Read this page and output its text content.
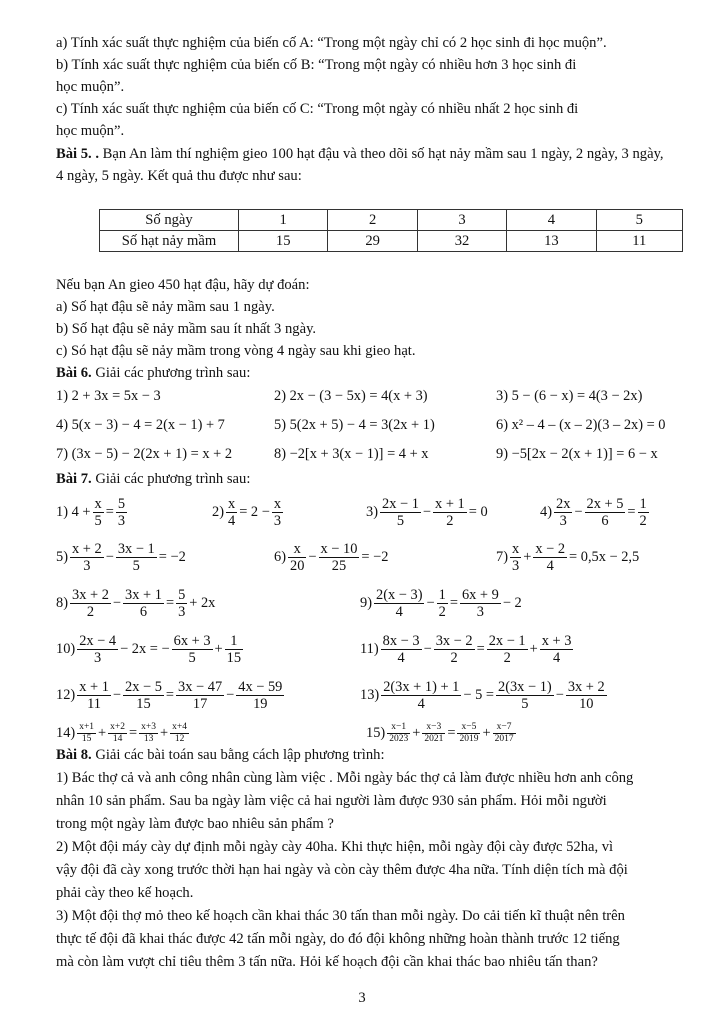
a) Tính xác suất thực nghiệm của biến cố A: “Trong một ngày chỉ có 2 học sinh đi học muộn”.
b) Tính xác suất thực nghiệm của biến cố B: “Trong một ngày có nhiều hơn 3 học sinh đi
học muộn”.
c) Tính xác suất thực nghiệm của biến cố C: “Trong một ngày có nhiều nhất 2 học sinh đi
học muộn”.
Bài 5. . Bạn An làm thí nghiệm gieo 100 hạt đậu và theo dõi số hạt nảy mầm sau 1 ngày, 2 ngày, 3 ngày,
4 ngày, 5 ngày. Kết quả thu được như sau:
Số ngày	1	2	3	4	5
Số hạt nảy mầm	15	29	32	13	11
Nếu bạn An gieo 450 hạt đậu, hãy dự đoán:
a) Số hạt đậu sẽ nảy mầm sau 1 ngày.
b) Số hạt đậu sẽ nảy mầm sau ít nhất 3 ngày.
c) Só hạt đậu sẽ nảy mầm trong vòng 4 ngày sau khi gieo hạt.
Bài 6. Giải các phương trình sau:
1) 2 + 3x = 5x − 3	2) 2x − (3 − 5x) = 4(x + 3)	3) 5 − (6 − x) = 4(3 − 2x)
4) 5(x − 3) − 4 = 2(x − 1) + 7	5) 5(2x + 5) − 4 = 3(2x + 1)	6) x² – 4 – (x – 2)(3 – 2x) = 0
7) (3x − 5) − 2(2x + 1) = x + 2	8) −2[x + 3(x − 1)] = 4 + x	9) −5[2x − 2(x + 1)] = 6 − x
Bài 7. Giải các phương trình sau:
1) $4 + \frac{x}{5} = \frac{5}{3}$	$2) \frac{x}{4} = 2 - \frac{x}{3}$	$3) \frac{2x - 1}{5} - \frac{x + 1}{2} = 0$	$4) \frac{2x}{3} - \frac{2x + 5}{6} = \frac{1}{2}$
$5) \frac{x + 2}{3} - \frac{3x - 1}{5} = -2$	$6) \frac{x}{20} - \frac{x - 10}{25} = -2$	$7) \frac{x}{3} + \frac{x - 2}{4} = 0,5x - 2,5$
$8) \frac{3x + 2}{2} - \frac{3x + 1}{6} = \frac{5}{3} + 2x$	$9) \frac{2(x - 3)}{4} - \frac{1}{2} = \frac{6x + 9}{3} - 2$
$10) \frac{2x - 4}{3} - 2x$ = − $\frac{6x + 3}{5} + \frac{1}{15}$	$11) \frac{8x - 3}{4} - \frac{3x - 2}{2} = \frac{2x - 1}{2} + \frac{x + 3}{4}$
$12) \frac{x + 1}{11} - \frac{2x - 5}{15} = \frac{3x - 47}{17} - \frac{4x - 59}{19}$	$13) \frac{2(3x + 1) + 1}{4} - 5 = \frac{2(3x - 1)}{5} - \frac{3x + 2}{10}$
$14) \frac{x+1}{15} + \frac{x+2}{14} = \frac{x+3}{13} + \frac{x+4}{12}$	$15) \frac{x-1}{2023} + \frac{x-3}{2021} = \frac{x-5}{2019} + \frac{x-7}{2017}$
Bài 8. Giải các bài toán sau bằng cách lập phương trình:
1) Bác thợ cả và anh công nhân cùng làm việc . Mỗi ngày bác thợ cả làm được nhiều hơn anh công
nhân 10 sản phẩm. Sau ba ngày làm việc cả hai người làm được 930 sản phẩm. Hỏi mỗi người
trong một ngày làm được bao nhiêu sản phẩm ?
2) Một đội máy cày dự định mỗi ngày cày 40ha. Khi thực hiện, mỗi ngày đội cày được 52ha, vì
vậy đội đã cày xong trước thời hạn hai ngày và còn cày thêm được 4ha nữa. Tính diện tích mà đội
phải cày theo kế hoạch.
3) Một đội thợ mỏ theo kế hoạch cần khai thác 30 tấn than mỗi ngày. Do cải tiến kĩ thuật nên trên
thực tế đội đã khai thác được 42 tấn mỗi ngày, do đó đội không những hoàn thành trước 12 tiếng
mà còn làm vượt chỉ tiêu thêm 3 tấn nữa. Hỏi kế hoạch đội cần khai thác bao nhiêu tấn than?
3
